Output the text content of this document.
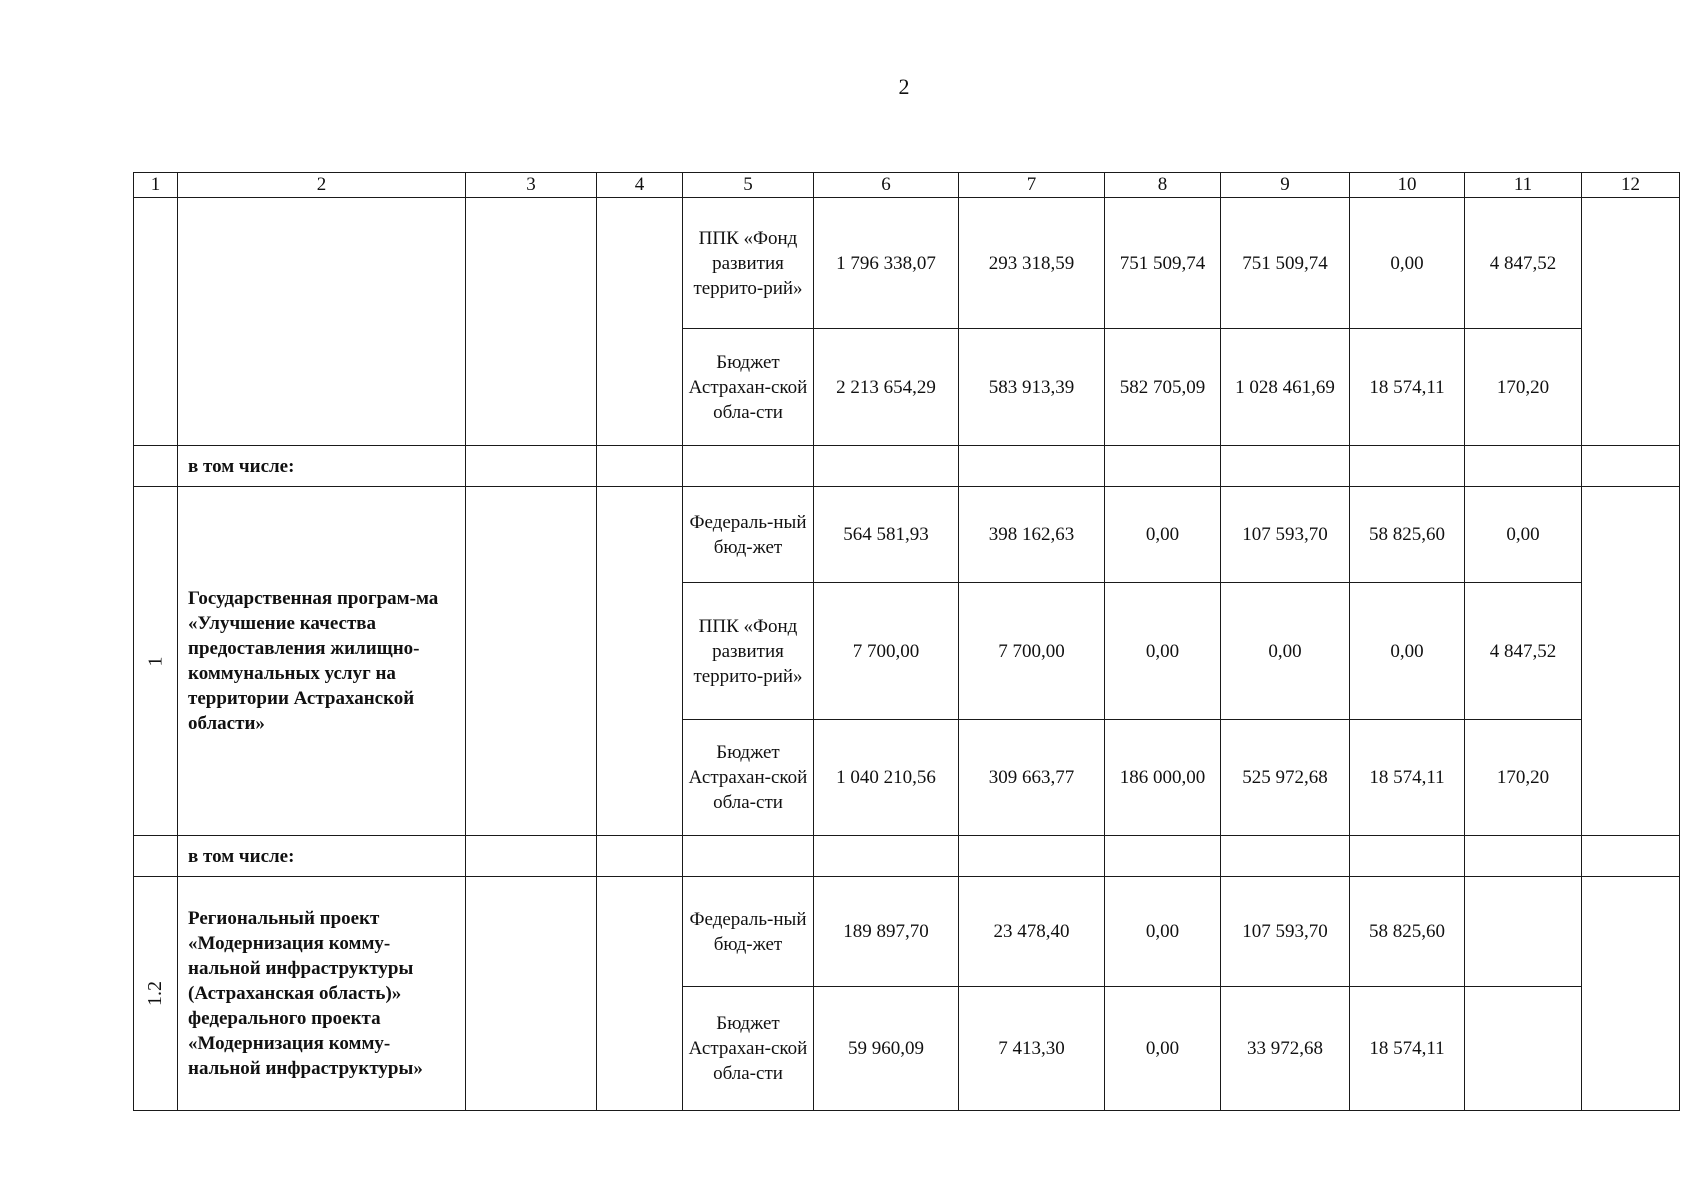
2
1	2	3	4	5	6	7	8	9	10	11	12
				ППК «Фонд развития террито-рий»	1 796 338,07	293 318,59	751 509,74	751 509,74	0,00	4 847,52	
				Бюджет Астрахан-ской обла-сти	2 213 654,29	583 913,39	582 705,09	1 028 461,69	18 574,11	170,20	
	в том числе:										
1	Государственная програм-ма «Улучшение качества предоставления жилищно-коммунальных услуг на территории Астраханской области»			Федераль-ный бюд-жет	564 581,93	398 162,63	0,00	107 593,70	58 825,60	0,00	
				ППК «Фонд развития террито-рий»	7 700,00	7 700,00	0,00	0,00	0,00	4 847,52	
				Бюджет Астрахан-ской обла-сти	1 040 210,56	309 663,77	186 000,00	525 972,68	18 574,11	170,20	
	в том числе:										
1.2	Региональный проект «Модернизация комму-нальной инфраструктуры (Астраханская область)» федерального проекта «Модернизация комму-нальной инфраструктуры»			Федераль-ный бюд-жет	189 897,70	23 478,40	0,00	107 593,70	58 825,60		
				Бюджет Астрахан-ской обла-сти	59 960,09	7 413,30	0,00	33 972,68	18 574,11		
